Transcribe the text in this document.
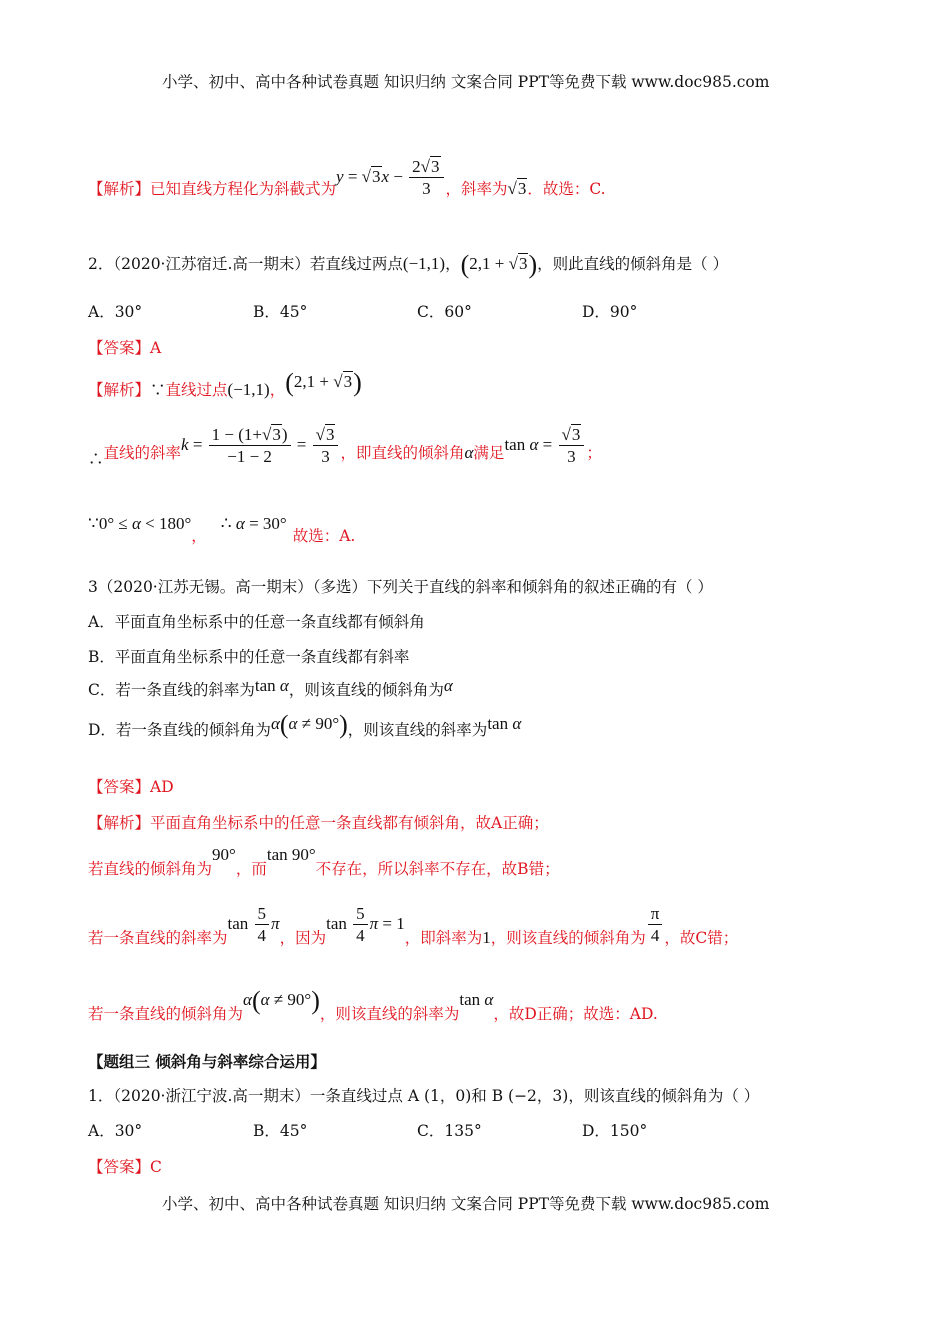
小学、初中、高中各种试卷真题 知识归纳 文案合同 PPT等免费下载 www.doc985.com
【解析】已知直线方程化为斜截式为$y = √3x - \frac{2√3}{3}$ ，斜率为√3．故选：C.
2．（2020·江苏宿迁.高一期末）若直线过两点(−1,1)，(2,1 + √3)，则此直线的倾斜角是（ ）
A．30°	B．45°	C．60°	D．90°
【答案】A
【解析】∵直线过点(−1,1)，(2,1 + √3)
∴直线的斜率$k = \frac{1 - (1+√3)}{-1 - 2} = \frac{√3}{3}$ ，即直线的倾斜角α满足$\tan \alpha = \frac{√3}{3}$ ；
∵0° ≤ α < 180°，∴ α = 30°故选：A.
3（2020·江苏无锡。高一期末）（多选）下列关于直线的斜率和倾斜角的叙述正确的有（ ）
A．平面直角坐标系中的任意一条直线都有倾斜角
B．平面直角坐标系中的任意一条直线都有斜率
C．若一条直线的斜率为tan α，则该直线的倾斜角为α
D．若一条直线的倾斜角为α(α ≠ 90°)，则该直线的斜率为tan α
【答案】AD
【解析】平面直角坐标系中的任意一条直线都有倾斜角，故A正确；
若直线的倾斜角为90°，而tan 90°不存在，所以斜率不存在，故B错；
若一条直线的斜率为$\tan \frac{5}{4}$ π，因为$\tan \frac{5}{4}$ π = 1，即斜率为1，则该直线的倾斜角为 $\frac{\pi}{4}$ ，故C错；
若一条直线的倾斜角为α(α ≠ 90°)，则该直线的斜率为tan α，故D正确；故选：AD.
【题组三 倾斜角与斜率综合运用】
1．（2020·浙江宁波.高一期末）一条直线过点 A (1，0)和 B (−2，3)，则该直线的倾斜角为（ ）
A．30°	B．45°	C．135°	D．150°
【答案】C
小学、初中、高中各种试卷真题 知识归纳 文案合同 PPT等免费下载 www.doc985.com
